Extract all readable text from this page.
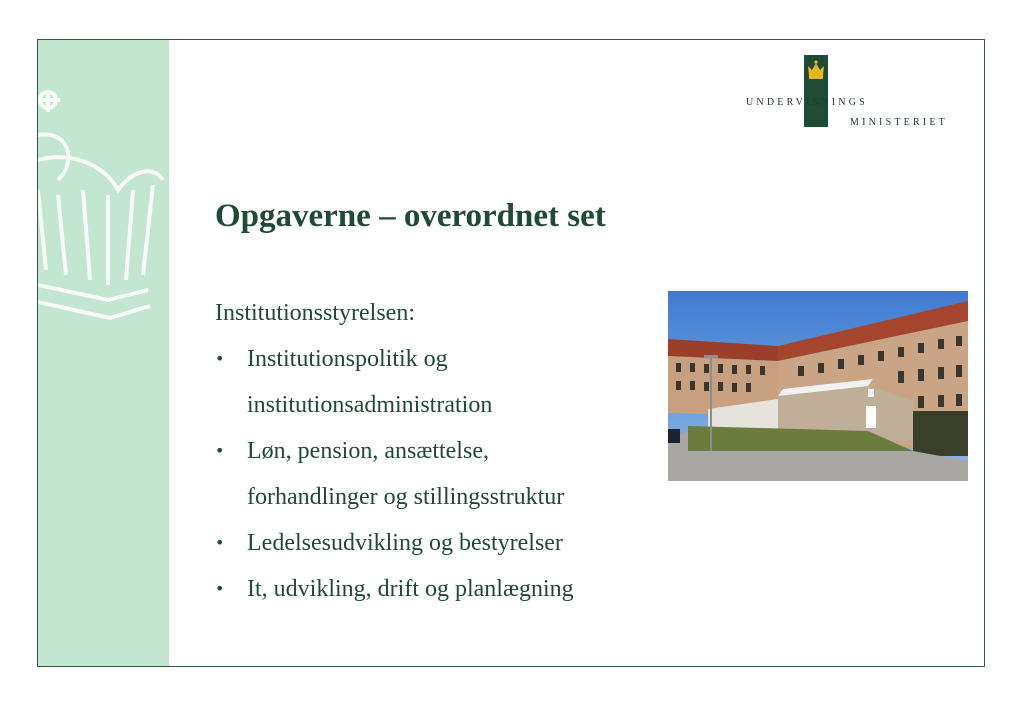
UNDERVISNINGS
MINISTERIET
Opgaverne – overordnet set
Institutionsstyrelsen:
• Institutionspolitik og
institutionsadministration
• Løn, pension, ansættelse,
forhandlinger og stillingsstruktur
• Ledelsesudvikling og bestyrelser
• It, udvikling, drift og planlægning
